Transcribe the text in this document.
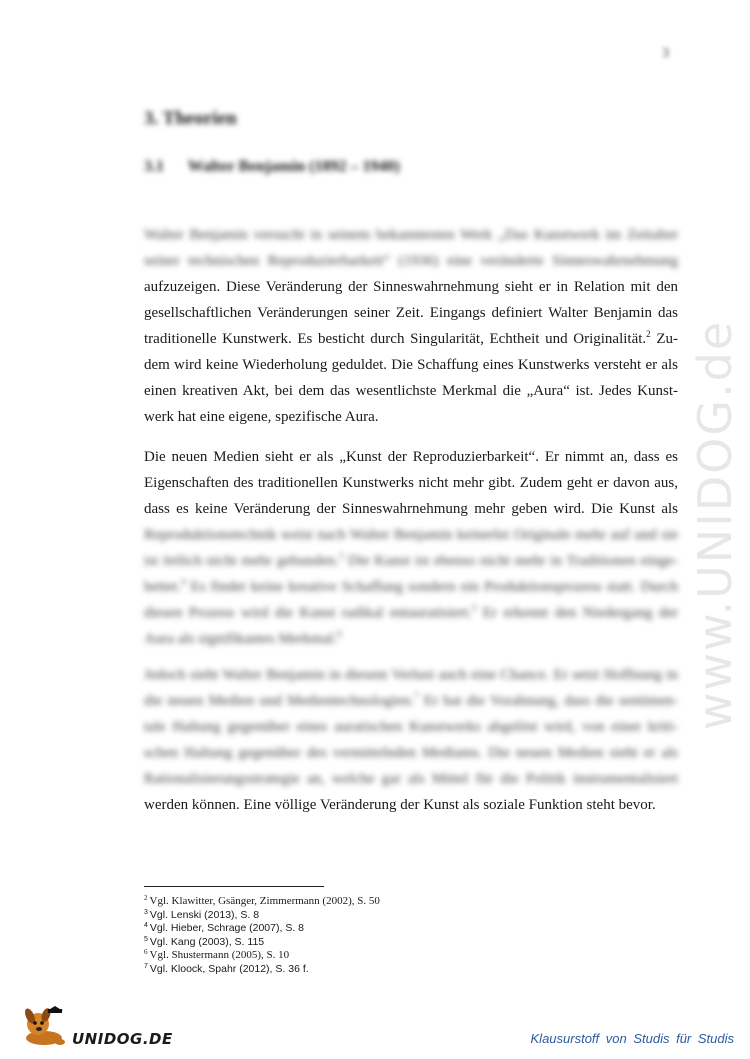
3
3. Theorien
3.1 Walter Benjamin (1892 – 1940)
Walter Benjamin versucht in seinem bekanntesten Werk „Das Kunstwerk im Zeitalter
seiner technischen Reproduzierbarkeit“ (1936) eine veränderte Sinneswahrnehmung
aufzuzeigen. Diese Veränderung der Sinneswahrnehmung sieht er in Relation mit den
gesellschaftlichen Veränderungen seiner Zeit. Eingangs definiert Walter Benjamin das
traditionelle Kunstwerk. Es besticht durch Singularität, Echtheit und Originalität.$^2$ Zu-
dem wird keine Wiederholung geduldet. Die Schaffung eines Kunstwerks versteht er als
einen kreativen Akt, bei dem das wesentlichste Merkmal die „Aura“ ist. Jedes Kunst-
werk hat eine eigene, spezifische Aura.
Die neuen Medien sieht er als „Kunst der Reproduzierbarkeit“. Er nimmt an, dass es
Eigenschaften des traditionellen Kunstwerks nicht mehr gibt. Zudem geht er davon aus,
dass es keine Veränderung der Sinneswahrnehmung mehr geben wird. Die Kunst als
Reproduktionstechnik weist nach Walter Benjamin keinerlei Originale mehr auf und sie
ist örtlich nicht mehr gebunden.$^3$ Die Kunst ist ebenso nicht mehr in Traditionen einge-
bettet.$^4$ Es findet keine kreative Schaffung sondern ein Produktionsprozess statt. Durch
diesen Prozess wird die Kunst radikal entauratisiert.$^5$ Er erkennt den Niedergang der
Aura als signifikantes Merkmal.$^6$
Jedoch sieht Walter Benjamin in diesem Verlust auch eine Chance. Er setzt Hoffnung in
die neuen Medien und Medientechnologien.$^7$ Er hat die Vorahnung, dass die sentimen-
tale Haltung gegenüber eines auratischen Kunstwerks abgelöst wird, von einer kriti-
schen Haltung gegenüber des vermittelnden Mediums. Die neuen Medien sieht er als
Rationalisierungsstrategie an, welche gar als Mittel für die Politik instrumentalisiert
werden können. Eine völlige Veränderung der Kunst als soziale Funktion steht bevor.
$^2$ Vgl. Klawitter, Gsänger, Zimmermann (2002), S. 50
$^3$ Vgl. Lenski (2013), S. 8
$^4$ Vgl. Hieber, Schrage (2007), S. 8
$^5$ Vgl. Kang (2003), S. 115
$^6$ Vgl. Shustermann (2005), S. 10
$^7$ Vgl. Kloock, Spahr (2012), S. 36 f.
www.UNIDOG.de
UNIDOG.DE	Klausurstoff von Studis für Studis
